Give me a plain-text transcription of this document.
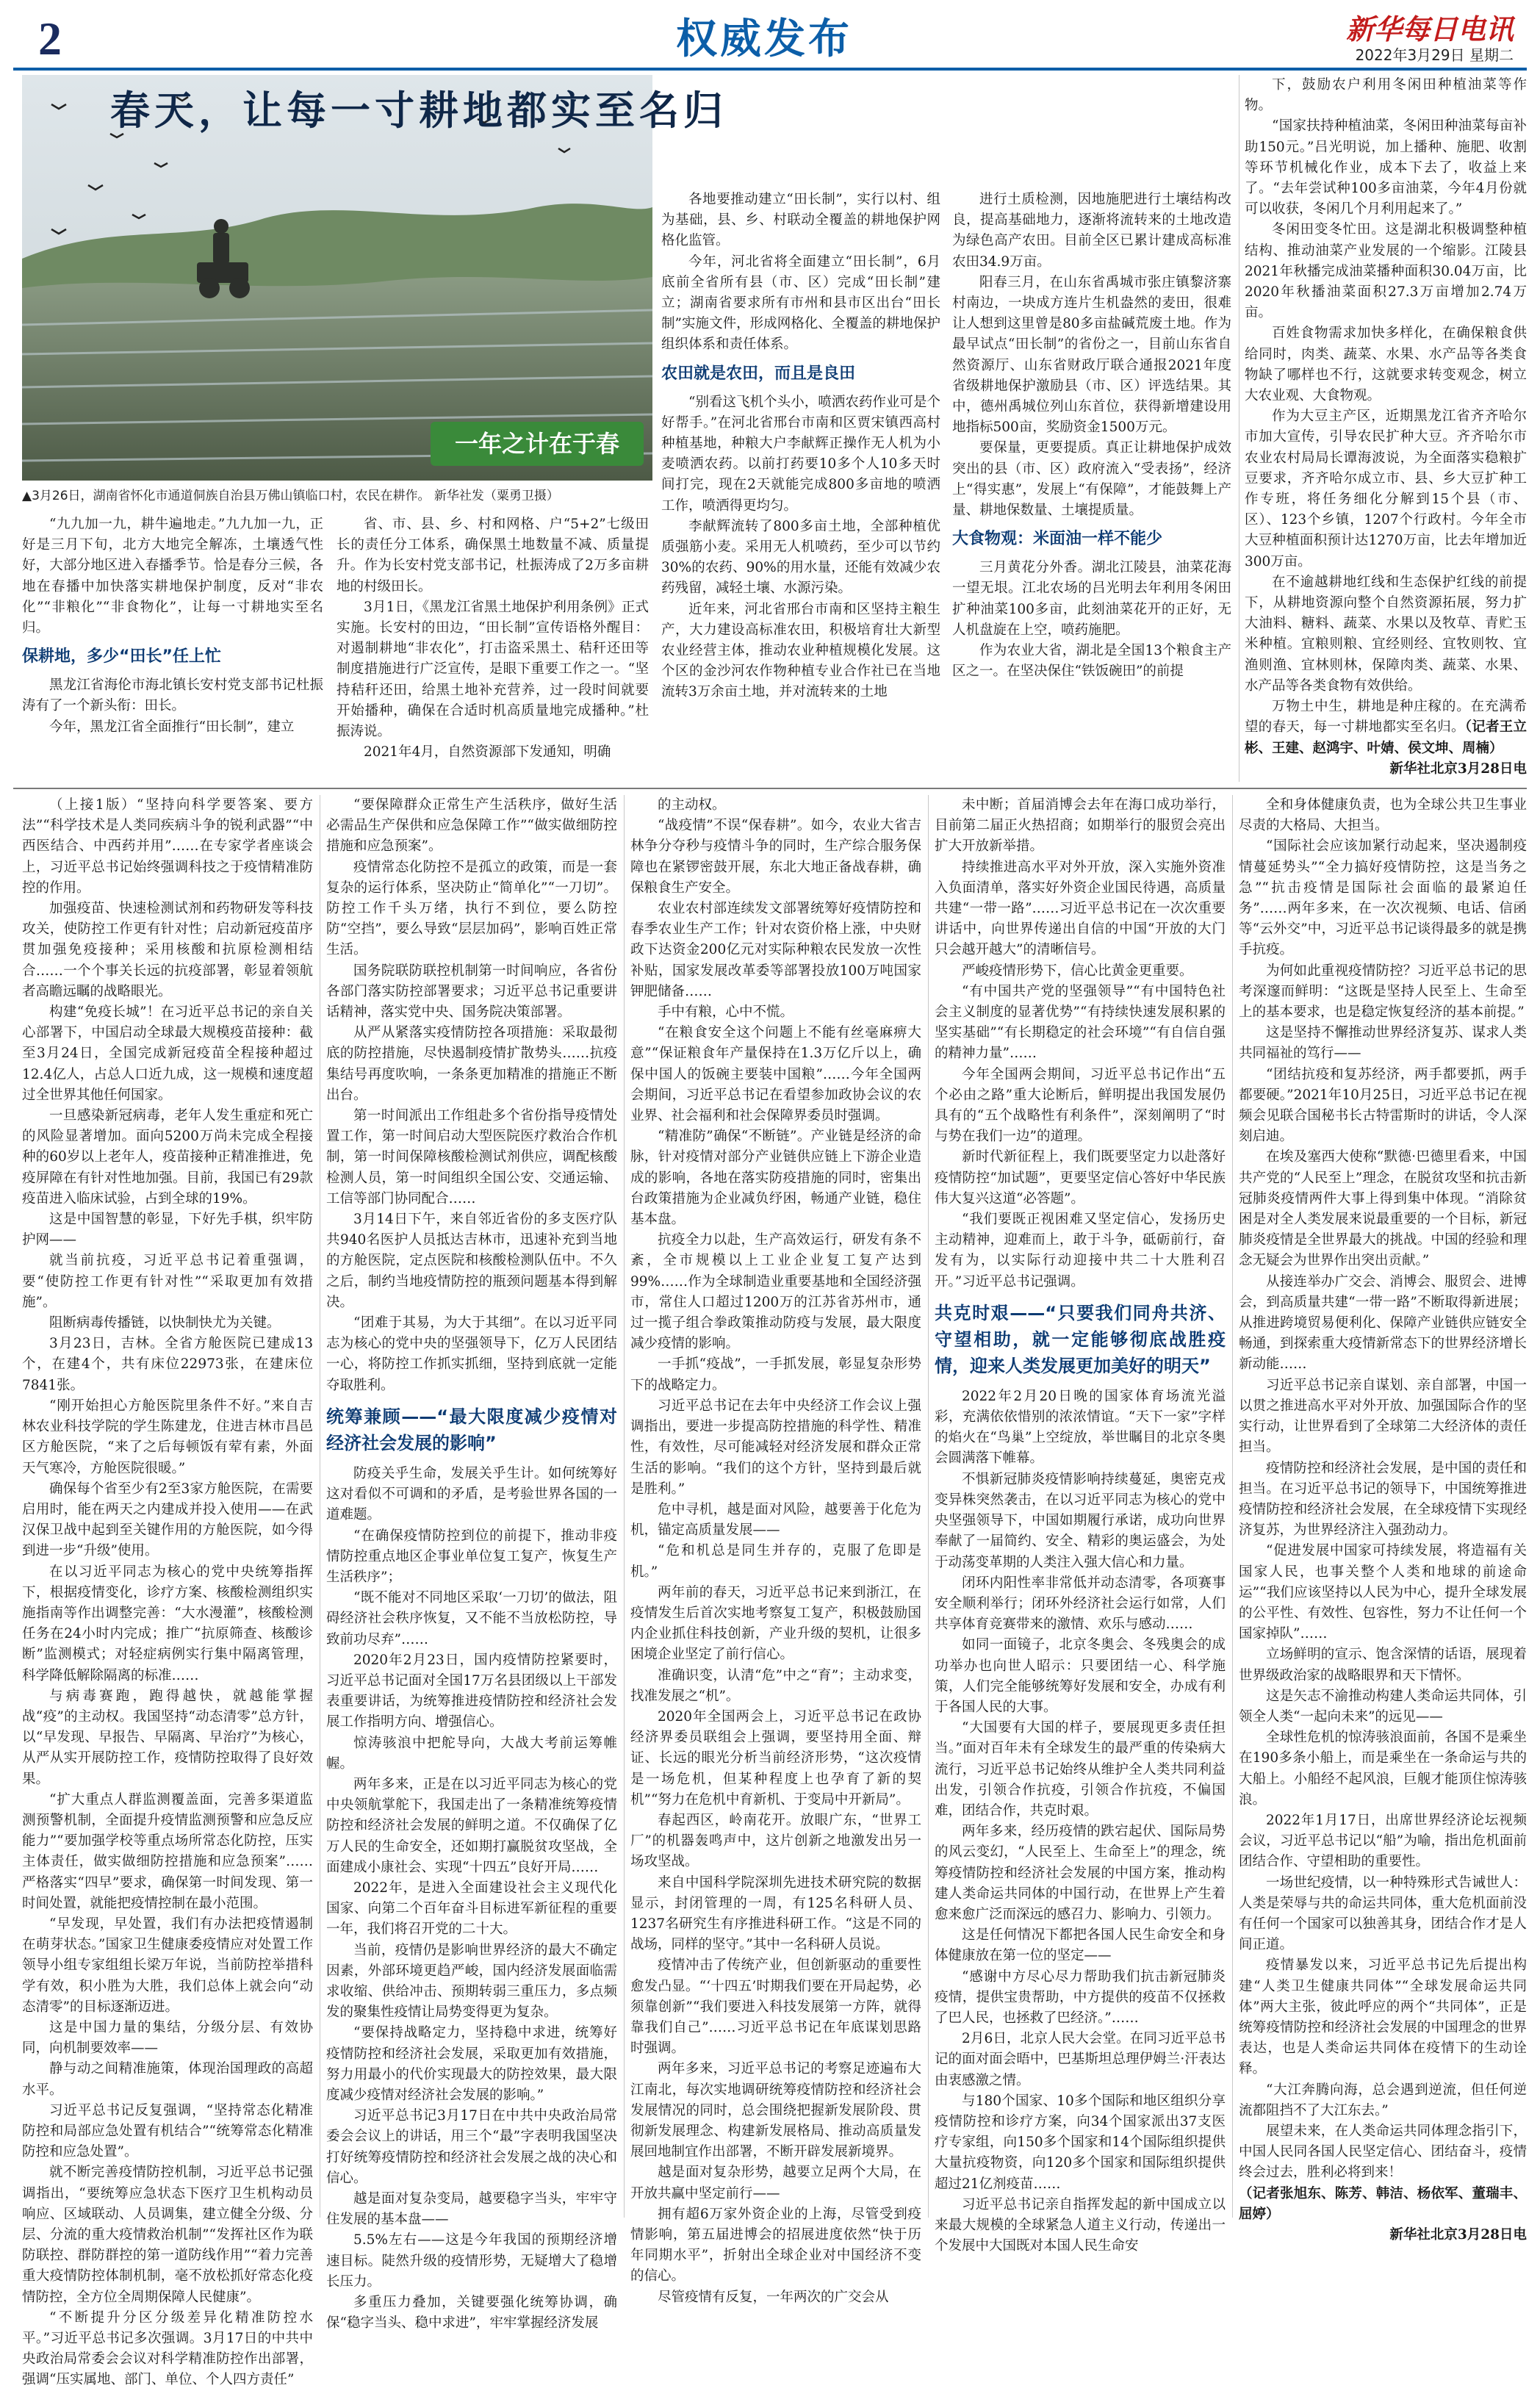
2	权威发布	新华每日电讯
2022年3月29日 星期二
春天，让每一寸耕地都实至名归
一年之计在于春
▲3月26日，湖南省怀化市通道侗族自治县万佛山镇临口村，农民在耕作。 新华社发（粟勇卫摄）

各地要推动建立“田长制”，实行以村、组为基础，县、乡、村联动全覆盖的耕地保护网格化监管。

今年，河北省将全面建立“田长制”，6月底前全省所有县（市、区）完成“田长制”建立；湖南省要求所有市州和县市区出台“田长制”实施文件，形成网格化、全覆盖的耕地保护组织体系和责任体系。

农田就是农田，而且是良田

“别看这飞机个头小，喷洒农药作业可是个好帮手。”在河北省邢台市南和区贾宋镇西高村种植基地，种粮大户李献辉正操作无人机为小麦喷洒农药。以前打药要10多个人10多天时间打完，现在2天就能完成800多亩地的喷洒工作，喷洒得更均匀。

李献辉流转了800多亩土地，全部种植优质强筋小麦。采用无人机喷药，至少可以节约30%的农药、90%的用水量，还能有效减少农药残留，减轻土壤、水源污染。

近年来，河北省邢台市南和区坚持主粮生产，大力建设高标准农田，积极培育壮大新型农业经营主体，推动农业种植规模化发展。这个区的金沙河农作物种植专业合作社已在当地流转3万余亩土地，并对流转来的土地

进行土质检测，因地施肥进行土壤结构改良，提高基础地力，逐渐将流转来的土地改造为绿色高产农田。目前全区已累计建成高标准农田34.9万亩。

阳春三月，在山东省禹城市张庄镇黎济寨村南边，一块成方连片生机盎然的麦田，很难让人想到这里曾是80多亩盐碱荒废土地。作为最早试点“田长制”的省份之一，目前山东省自然资源厅、山东省财政厅联合通报2021年度省级耕地保护激励县（市、区）评选结果。其中，德州禹城位列山东首位，获得新增建设用地指标500亩，奖励资金1500万元。

要保量，更要提质。真正让耕地保护成效突出的县（市、区）政府流入“受表扬”，经济上“得实惠”，发展上“有保障”，才能鼓舞上产量、耕地保数量、土壤提质量。

大食物观：米面油一样不能少

三月黄花分外香。湖北江陵县，油菜花海一望无垠。江北农场的吕光明去年利用冬闲田扩种油菜100多亩，此刻油菜花开的正好，无人机盘旋在上空，喷药施肥。

作为农业大省，湖北是全国13个粮食主产区之一。在坚决保住“铁饭碗田”的前提

下，鼓励农户利用冬闲田种植油菜等作物。

“国家扶持种植油菜，冬闲田种油菜每亩补助150元。”吕光明说，加上播种、施肥、收割等环节机械化作业，成本下去了，收益上来了。“去年尝试种100多亩油菜，今年4月份就可以收获，冬闲几个月利用起来了。”

冬闲田变冬忙田。这是湖北积极调整种植结构、推动油菜产业发展的一个缩影。江陵县2021年秋播完成油菜播种面积30.04万亩，比2020年秋播油菜面积27.3万亩增加2.74万亩。

百姓食物需求加快多样化，在确保粮食供给同时，肉类、蔬菜、水果、水产品等各类食物缺了哪样也不行，这就要求转变观念，树立大农业观、大食物观。

作为大豆主产区，近期黑龙江省齐齐哈尔市加大宣传，引导农民扩种大豆。齐齐哈尔市农业农村局局长谭海波说，为全面落实稳粮扩豆要求，齐齐哈尔成立市、县、乡大豆扩种工作专班，将任务细化分解到15个县（市、区）、123个乡镇，1207个行政村。今年全市大豆种植面积预计达1270万亩，比去年增加近300万亩。

在不逾越耕地红线和生态保护红线的前提下，从耕地资源向整个自然资源拓展，努力扩大油料、糖料、蔬菜、水果以及牧草、青贮玉米种植。宜粮则粮、宜经则经、宜牧则牧、宜渔则渔、宜林则林，保障肉类、蔬菜、水果、水产品等各类食物有效供给。

万物土中生，耕地是种庄稼的。在充满希望的春天，每一寸耕地都实至名归。（记者王立彬、王建、赵鸿宇、叶婧、侯文坤、周楠）

新华社北京3月28日电

“九九加一九，耕牛遍地走。”九九加一九，正好是三月下旬，北方大地完全解冻，土壤透气性好，大部分地区进入春播季节。恰是春分三候，各地在春播中加快落实耕地保护制度，反对“非农化”“非粮化”“非食物化”，让每一寸耕地实至名归。

保耕地，多少“田长”任上忙

黑龙江省海伦市海北镇长安村党支部书记杜振涛有了一个新头衔：田长。

今年，黑龙江省全面推行“田长制”，建立

省、市、县、乡、村和网格、户“5+2”七级田长的责任分工体系，确保黑土地数量不减、质量提升。作为长安村党支部书记，杜振涛成了2万多亩耕地的村级田长。

3月1日，《黑龙江省黑土地保护利用条例》正式实施。长安村的田边，“田长制”宣传语格外醒目：对遏制耕地“非农化”，打击盗采黑土、秸秆还田等制度措施进行广泛宣传，是眼下重要工作之一。“坚持秸秆还田，给黑土地补充营养，过一段时间就要开始播种，确保在合适时机高质量地完成播种。”杜振涛说。

2021年4月，自然资源部下发通知，明确

（上接1版）“坚持向科学要答案、要方法”“科学技术是人类同疾病斗争的锐利武器”“中西医结合、中西药并用”……在专家学者座谈会上，习近平总书记始终强调科技之于疫情精准防控的作用。

加强疫苗、快速检测试剂和药物研发等科技攻关，使防控工作更有针对性；启动新冠疫苗序贯加强免疫接种；采用核酸和抗原检测相结合……一个个事关长远的抗疫部署，彰显着领航者高瞻远瞩的战略眼光。

构建“免疫长城”！在习近平总书记的亲自关心部署下，中国启动全球最大规模疫苗接种：截至3月24日，全国完成新冠疫苗全程接种超过12.4亿人，占总人口近九成，这一规模和速度超过全世界其他任何国家。

一旦感染新冠病毒，老年人发生重症和死亡的风险显著增加。面向5200万尚未完成全程接种的60岁以上老年人，疫苗接种正精准推进，免疫屏障在有针对性地加强。目前，我国已有29款疫苗进入临床试验，占到全球的19%。

这是中国智慧的彰显，下好先手棋，织牢防护网——

就当前抗疫，习近平总书记着重强调，要“使防控工作更有针对性”“采取更加有效措施”。

阻断病毒传播链，以快制快尤为关键。

3月23日，吉林。全省方舱医院已建成13个，在建4个，共有床位22973张，在建床位7841张。

“刚开始担心方舱医院里条件不好。”来自吉林农业科技学院的学生陈建龙，住进吉林市昌邑区方舱医院，“来了之后每顿饭有荤有素，外面天气寒冷，方舱医院很暖。”

确保每个省至少有2至3家方舱医院，在需要启用时，能在两天之内建成并投入使用——在武汉保卫战中起到至关键作用的方舱医院，如今得到进一步“升级”使用。

在以习近平同志为核心的党中央统筹指挥下，根据疫情变化，诊疗方案、核酸检测组织实施指南等作出调整完善：“大水漫灌”，核酸检测任务在24小时内完成；推广“抗原筛查、核酸诊断”监测模式；对轻症病例实行集中隔离管理，科学降低解除隔离的标准……

与病毒赛跑，跑得越快，就越能掌握战“疫”的主动权。我国坚持“动态清零”总方针，以“早发现、早报告、早隔离、早治疗”为核心，从严从实开展防控工作，疫情防控取得了良好效果。

“扩大重点人群监测覆盖面，完善多渠道监测预警机制，全面提升疫情监测预警和应急反应能力”“要加强学校等重点场所常态化防控，压实主体责任，做实做细防控措施和应急预案”……严格落实“四早”要求，确保第一时间发现、第一时间处置，就能把疫情控制在最小范围。

“早发现，早处置，我们有办法把疫情遏制在萌芽状态。”国家卫生健康委疫情应对处置工作领导小组专家组组长梁万年说，当前防控举措科学有效，积小胜为大胜，我们总体上就会向“动态清零”的目标逐渐迈进。

这是中国力量的集结，分级分层、有效协同，向机制要效率——

静与动之间精准施策，体现治国理政的高超水平。

习近平总书记反复强调，“坚持常态化精准防控和局部应急处置有机结合”“统筹常态化精准防控和应急处置”。

就不断完善疫情防控机制，习近平总书记强调指出，“要统筹应急状态下医疗卫生机构动员响应、区域联动、人员调集，建立健全分级、分层、分流的重大疫情救治机制”“发挥社区作为联防联控、群防群控的第一道防线作用”“着力完善重大疫情防控体制机制，毫不放松抓好常态化疫情防控，全方位全周期保障人民健康”。

“不断提升分区分级差异化精准防控水平。”习近平总书记多次强调。3月17日的中共中央政治局常委会会议对科学精准防控作出部署，强调“压实属地、部门、单位、个人四方责任”

“要保障群众正常生产生活秩序，做好生活必需品生产保供和应急保障工作”“做实做细防控措施和应急预案”。

疫情常态化防控不是孤立的政策，而是一套复杂的运行体系，坚决防止“简单化”“一刀切”。防控工作千头万绪，执行不到位，要么防控防“空挡”，要么导致“层层加码”，影响百姓正常生活。

国务院联防联控机制第一时间响应，各省份各部门落实防控部署要求；习近平总书记重要讲话精神，落实党中央、国务院决策部署。

从严从紧落实疫情防控各项措施：采取最彻底的防控措施，尽快遏制疫情扩散势头……抗疫集结号再度吹响，一条条更加精准的措施正不断出台。

第一时间派出工作组赴多个省份指导疫情处置工作，第一时间启动大型医院医疗救治合作机制，第一时间保障核酸检测试剂供应，调配核酸检测人员，第一时间组织全国公安、交通运输、工信等部门协同配合……

3月14日下午，来自邻近省份的多支医疗队共940名医护人员抵达吉林市，迅速补充到当地的方舱医院，定点医院和核酸检测队伍中。不久之后，制约当地疫情防控的瓶颈问题基本得到解决。

“团难于其易，为大于其细”。在以习近平同志为核心的党中央的坚强领导下，亿万人民团结一心，将防控工作抓实抓细，坚持到底就一定能夺取胜利。

统筹兼顾——“最大限度减少疫情对经济社会发展的影响”

防疫关乎生命，发展关乎生计。如何统筹好这对看似不可调和的矛盾，是考验世界各国的一道难题。

“在确保疫情防控到位的前提下，推动非疫情防控重点地区企事业单位复工复产，恢复生产生活秩序”；

“既不能对不同地区采取‘一刀切’的做法，阻碍经济社会秩序恢复，又不能不当放松防控，导致前功尽弃”……

2020年2月23日，国内疫情防控紧要时，习近平总书记面对全国17万名县团级以上干部发表重要讲话，为统筹推进疫情防控和经济社会发展工作指明方向、增强信心。

惊涛骇浪中把舵导向，大战大考前运筹帷幄。

两年多来，正是在以习近平同志为核心的党中央领航掌舵下，我国走出了一条精准统筹疫情防控和经济社会发展的鲜明之道。不仅确保了亿万人民的生命安全，还如期打赢脱贫攻坚战，全面建成小康社会、实现“十四五”良好开局……

2022年，是进入全面建设社会主义现代化国家、向第二个百年奋斗目标进军新征程的重要一年，我们将召开党的二十大。

当前，疫情仍是影响世界经济的最大不确定因素，外部环境更趋严峻，国内经济发展面临需求收缩、供给冲击、预期转弱三重压力，多点频发的聚集性疫情让局势变得更为复杂。

“要保持战略定力，坚持稳中求进，统筹好疫情防控和经济社会发展，采取更加有效措施，努力用最小的代价实现最大的防控效果，最大限度减少疫情对经济社会发展的影响。”

习近平总书记3月17日在中共中央政治局常委会会议上的讲话，用三个“最”字表明我国坚决打好统筹疫情防控和经济社会发展之战的决心和信心。

越是面对复杂变局，越要稳字当头，牢牢守住发展的基本盘——

5.5%左右——这是今年我国的预期经济增速目标。陡然升级的疫情形势，无疑增大了稳增长压力。

多重压力叠加，关键要强化统筹协调，确保“稳字当头、稳中求进”，牢牢掌握经济发展

的主动权。

“战疫情”不误“保春耕”。如今，农业大省吉林争分夺秒与疫情斗争的同时，生产综合服务保障也在紧锣密鼓开展，东北大地正备战春耕，确保粮食生产安全。

农业农村部连续发文部署统筹好疫情防控和春季农业生产工作；针对农资价格上涨，中央财政下达资金200亿元对实际种粮农民发放一次性补贴，国家发展改革委等部署投放100万吨国家钾肥储备……

手中有粮，心中不慌。

“在粮食安全这个问题上不能有丝毫麻痹大意”“保证粮食年产量保持在1.3万亿斤以上，确保中国人的饭碗主要装中国粮”……今年全国两会期间，习近平总书记在看望参加政协会议的农业界、社会福利和社会保障界委员时强调。

“精准防”确保“不断链”。产业链是经济的命脉，针对疫情对部分产业链供应链上下游企业造成的影响，各地在落实防疫措施的同时，密集出台政策措施为企业减负纾困，畅通产业链，稳住基本盘。

抗疫全力以赴，生产高效运行，研发有条不紊，全市规模以上工业企业复工复产达到99%……作为全球制造业重要基地和全国经济强市，常住人口超过1200万的江苏省苏州市，通过一揽子组合拳政策推动防疫与发展，最大限度减少疫情的影响。

一手抓“疫战”，一手抓发展，彰显复杂形势下的战略定力。

习近平总书记在去年中央经济工作会议上强调指出，要进一步提高防控措施的科学性、精准性，有效性，尽可能减轻对经济发展和群众正常生活的影响。“我们的这个方针，坚持到最后就是胜利。”

危中寻机，越是面对风险，越要善于化危为机，锚定高质量发展——

“危和机总是同生并存的，克服了危即是机。”

两年前的春天，习近平总书记来到浙江，在疫情发生后首次实地考察复工复产，积极鼓励国内企业抓住科技创新，产业升级的契机，让很多困境企业坚定了前行信心。

准确识变，认清“危”中之“育”；主动求变，找准发展之“机”。

2020年全国两会上，习近平总书记在政协经济界委员联组会上强调，要坚持用全面、辩证、长远的眼光分析当前经济形势，“这次疫情是一场危机，但某种程度上也孕育了新的契机”“努力在危机中育新机、于变局中开新局”。

春起西区，岭南花开。放眼广东，“世界工厂”的机器轰鸣声中，这片创新之地激发出另一场攻坚战。

来自中国科学院深圳先进技术研究院的数据显示，封闭管理的一周，有125名科研人员、1237名研究生有序推进科研工作。“这是不同的战场，同样的坚守。”其中一名科研人员说。

疫情冲击了传统产业，但创新驱动的重要性愈发凸显。“‘十四五’时期我们要在开局起势，必须靠创新”“我们要进入科技发展第一方阵，就得靠我们自己”……习近平总书记在年底谋划思路时强调。

两年多来，习近平总书记的考察足迹遍布大江南北，每次实地调研统筹疫情防控和经济社会发展情况的同时，总会围绕把握新发展阶段、贯彻新发展理念、构建新发展格局、推动高质量发展回地制宜作出部署，不断开辟发展新境界。

越是面对复杂形势，越要立足两个大局，在开放共赢中坚定前行——

拥有超6万家外资企业的上海，尽管受到疫情影响，第五届进博会的招展进度依然“快于历年同期水平”，折射出全球企业对中国经济不变的信心。

尽管疫情有反复，一年两次的广交会从

未中断；首届消博会去年在海口成功举行，目前第二届正火热招商；如期举行的服贸会亮出扩大开放新举措。

持续推进高水平对外开放，深入实施外资准入负面清单，落实好外资企业国民待遇，高质量共建“一带一路”……习近平总书记在一次次重要讲话中，向世界传递出自信的中国“开放的大门只会越开越大”的清晰信号。

严峻疫情形势下，信心比黄金更重要。

“有中国共产党的坚强领导”“有中国特色社会主义制度的显著优势”“有持续快速发展积累的坚实基础”“有长期稳定的社会环境”“有自信自强的精神力量”……

今年全国两会期间，习近平总书记作出“五个必由之路”重大论断后，鲜明提出我国发展仍具有的“五个战略性有利条件”，深刻阐明了“时与势在我们一边”的道理。

新时代新征程上，我们既要坚定力以赴落好疫情防控“加试题”，更要坚定信心答好中华民族伟大复兴这道“必答题”。

“我们要既正视困难又坚定信心，发扬历史主动精神，迎难而上，敢于斗争，砥砺前行，奋发有为，以实际行动迎接中共二十大胜利召开。”习近平总书记强调。

共克时艰——“只要我们同舟共济、守望相助，就一定能够彻底战胜疫情，迎来人类发展更加美好的明天”

2022年2月20日晚的国家体育场流光溢彩，充满依依惜别的浓浓情谊。“天下一家”字样的焰火在“鸟巢”上空绽放，举世瞩目的北京冬奥会圆满落下帷幕。

不惧新冠肺炎疫情影响持续蔓延，奥密克戎变异株突然袭击，在以习近平同志为核心的党中央坚强领导下，中国如期履行承诺，成功向世界奉献了一届简约、安全、精彩的奥运盛会，为处于动荡变革期的人类注入强大信心和力量。

闭环内阳性率非常低并动态清零，各项赛事安全顺利举行；闭环外经济社会运行如常，人们共享体育竞赛带来的激情、欢乐与感动……

如同一面镜子，北京冬奥会、冬残奥会的成功举办也向世人昭示：只要团结一心、科学施策，人们完全能够统筹好发展和安全，办成有利于各国人民的大事。

“大国要有大国的样子，要展现更多责任担当。”面对百年未有全球发生的最严重的传染病大流行，习近平总书记始终从维护全人类共同利益出发，引领合作抗疫，引领合作抗疫，不偏国难，团结合作，共克时艰。

两年多来，经历疫情的跌宕起伏、国际局势的风云变幻，“人民至上、生命至上”的理念，统筹疫情防控和经济社会发展的中国方案，推动构建人类命运共同体的中国行动，在世界上产生着愈来愈广泛而深远的感召力、影响力、引领力。

这是任何情况下都把各国人民生命安全和身体健康放在第一位的坚定——

“感谢中方尽心尽力帮助我们抗击新冠肺炎疫情，提供宝贵帮助，中方提供的疫苗不仅拯救了巴人民，也拯救了巴经济。”……

2月6日，北京人民大会堂。在同习近平总书记的面对面会晤中，巴基斯坦总理伊姆兰·汗表达由衷感激之情。

与180个国家、10多个国际和地区组织分享疫情防控和诊疗方案，向34个国家派出37支医疗专家组，向150多个国家和14个国际组织提供大量抗疫物资，向120多个国家和国际组织提供超过21亿剂疫苗……

习近平总书记亲自指挥发起的新中国成立以来最大规模的全球紧急人道主义行动，传递出一个发展中大国既对本国人民生命安

全和身体健康负责，也为全球公共卫生事业尽责的大格局、大担当。

“国际社会应该加紧行动起来，坚决遏制疫情蔓延势头”“全力搞好疫情防控，这是当务之急”“抗击疫情是国际社会面临的最紧迫任务”……两年多来，在一次次视频、电话、信函等“云外交”中，习近平总书记谈得最多的就是携手抗疫。

为何如此重视疫情防控？习近平总书记的思考深邃而鲜明：“这既是坚持人民至上、生命至上的基本要求，也是稳定恢复经济的基本前提。”

这是坚持不懈推动世界经济复苏、谋求人类共同福祉的笃行——

“团结抗疫和复苏经济，两手都要抓，两手都要硬。”2021年10月25日，习近平总书记在视频会见联合国秘书长古特雷斯时的讲话，令人深刻启迪。

在埃及塞西大使称“默德·巴德里看来，中国共产党的“人民至上”理念，在脱贫攻坚和抗击新冠肺炎疫情两件大事上得到集中体现。“消除贫困是对全人类发展来说最重要的一个目标，新冠肺炎疫情是全世界最大的挑战。中国的经验和理念无疑会为世界作出突出贡献。”

从接连举办广交会、消博会、服贸会、进博会，到高质量共建“一带一路”不断取得新进展；从推进跨境贸易便利化、保障产业链供应链安全畅通，到探索重大疫情新常态下的世界经济增长新动能……

习近平总书记亲自谋划、亲自部署，中国一以贯之推进高水平对外开放、加强国际合作的坚实行动，让世界看到了全球第二大经济体的责任担当。

疫情防控和经济社会发展，是中国的责任和担当。在习近平总书记的领导下，中国统筹推进疫情防控和经济社会发展，在全球疫情下实现经济复苏，为世界经济注入强劲动力。

“促进发展中国家可持续发展，将造福有关国家人民，也事关整个人类和地球的前途命运”“我们应该坚持以人民为中心，提升全球发展的公平性、有效性、包容性，努力不让任何一个国家掉队”……

立场鲜明的宣示、饱含深情的话语，展现着世界级政治家的战略眼界和天下情怀。

这是矢志不渝推动构建人类命运共同体，引领全人类“一起向未来”的远见——

全球性危机的惊涛骇浪面前，各国不是乘坐在190多条小船上，而是乘坐在一条命运与共的大船上。小船经不起风浪，巨舰才能顶住惊涛骇浪。

2022年1月17日，出席世界经济论坛视频会议，习近平总书记以“船”为喻，指出危机面前团结合作、守望相助的重要性。

一场世纪疫情，以一种特殊形式告诫世人：人类是荣辱与共的命运共同体，重大危机面前没有任何一个国家可以独善其身，团结合作才是人间正道。

疫情暴发以来，习近平总书记先后提出构建“人类卫生健康共同体”“全球发展命运共同体”两大主张，彼此呼应的两个“共同体”，正是统筹疫情防控和经济社会发展的中国理念的世界表达，也是人类命运共同体在疫情下的生动诠释。

“大江奔腾向海，总会遇到逆流，但任何逆流都阻挡不了大江东去。”

展望未来，在人类命运共同体理念指引下，中国人民同各国人民坚定信心、团结奋斗，疫情终会过去，胜利必将到来！

（记者张旭东、陈芳、韩洁、杨依军、董瑞丰、屈婷）
新华社北京3月28日电
